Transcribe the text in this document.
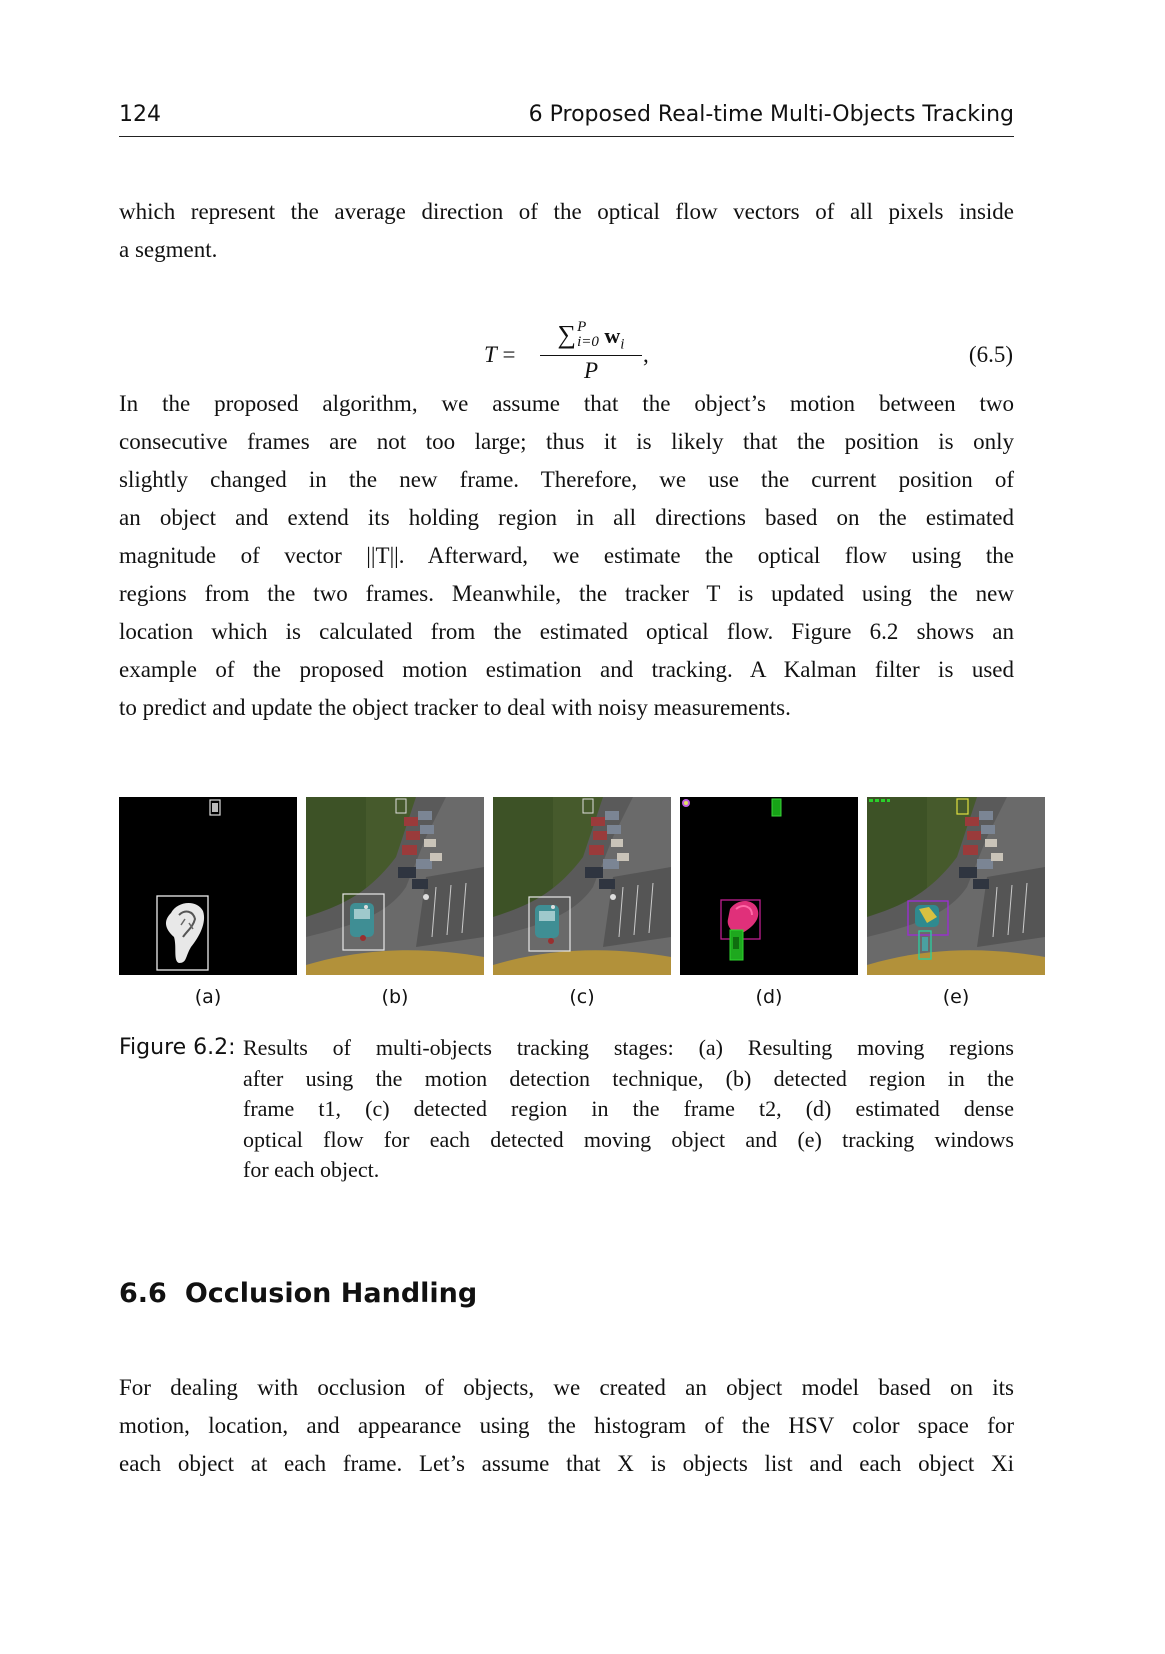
124	6 Proposed Real-time Multi-Objects Tracking
which represent the average direction of the optical flow vectors of all pixels inside
a segment.
T =
∑ P
i=0 $w_i$
P
,	(6.5)
In the proposed algorithm, we assume that the object’s motion between two
consecutive frames are not too large; thus it is likely that the position is only
slightly changed in the new frame. Therefore, we use the current position of
an object and extend its holding region in all directions based on the estimated
magnitude of vector ||T||. Afterward, we estimate the optical flow using the
regions from the two frames. Meanwhile, the tracker T is updated using the new
location which is calculated from the estimated optical flow. Figure 6.2 shows an
example of the proposed motion estimation and tracking. A Kalman filter is used
to predict and update the object tracker to deal with noisy measurements.
(a)	(b)	(c)	(d)	(e)
Figure 6.2: Results of multi-objects tracking stages: (a) Resulting moving regions
after using the motion detection technique, (b) detected region in the
frame t1, (c) detected region in the frame t2, (d) estimated dense
optical flow for each detected moving object and (e) tracking windows
for each object.
6.6 Occlusion Handling
For dealing with occlusion of objects, we created an object model based on its
motion, location, and appearance using the histogram of the HSV color space for
each object at each frame. Let’s assume that X is objects list and each object Xi
